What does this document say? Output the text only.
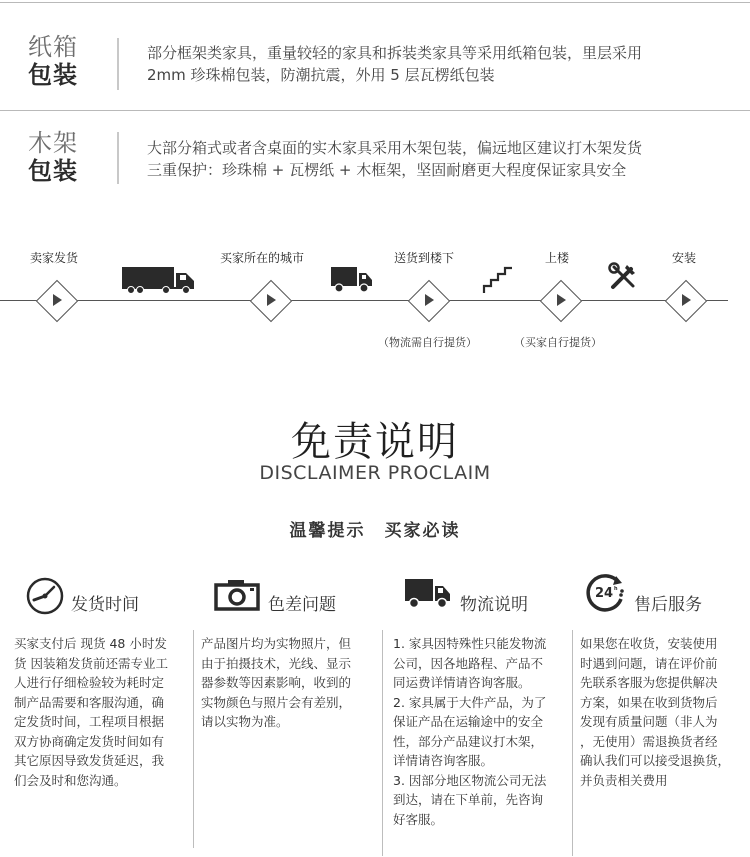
纸箱
包装
部分框架类家具，重量较轻的家具和拆装类家具等采用纸箱包装，里层采用
2mm 珍珠棉包装，防潮抗震，外用 5 层瓦楞纸包装
木架
包装
大部分箱式或者含桌面的实木家具采用木架包装，偏远地区建议打木架发货
三重保护：珍珠棉 + 瓦楞纸 + 木框架，坚固耐磨更大程度保证家具安全
卖家发货	买家所在的城市	送货到楼下	上楼	安装
（物流需自行提货）	（买家自行提货）
免责说明
DISCLAIMER PROCLAIM
温馨提示　买家必读
发货时间	色差问题	物流说明
24 h
售后服务

买家支付后 现货 48 小时发

货 因装箱发货前还需专业工

人进行仔细检验较为耗时定

制产品需要和客服沟通，确

定发货时间，工程项目根据

双方协商确定发货时间如有

其它原因导致发货延迟，我

们会及时和您沟通。

产品图片均为实物照片，但

由于拍摄技术，光线、显示

器参数等因素影响，收到的

实物颜色与照片会有差别，

请以实物为准。

1. 家具因特殊性只能发物流

公司，因各地路程、产品不

同运费详情请咨询客服。

2. 家具属于大件产品，为了

保证产品在运输途中的安全

性，部分产品建议打木架，

详情请咨询客服。

3. 因部分地区物流公司无法

到达，请在下单前，先咨询

好客服。

如果您在收货，安装使用

时遇到问题，请在评价前

先联系客服为您提供解决

方案，如果在收到货物后

发现有质量问题（非人为

，无使用）需退换货者经

确认我们可以接受退换货，

并负责相关费用
